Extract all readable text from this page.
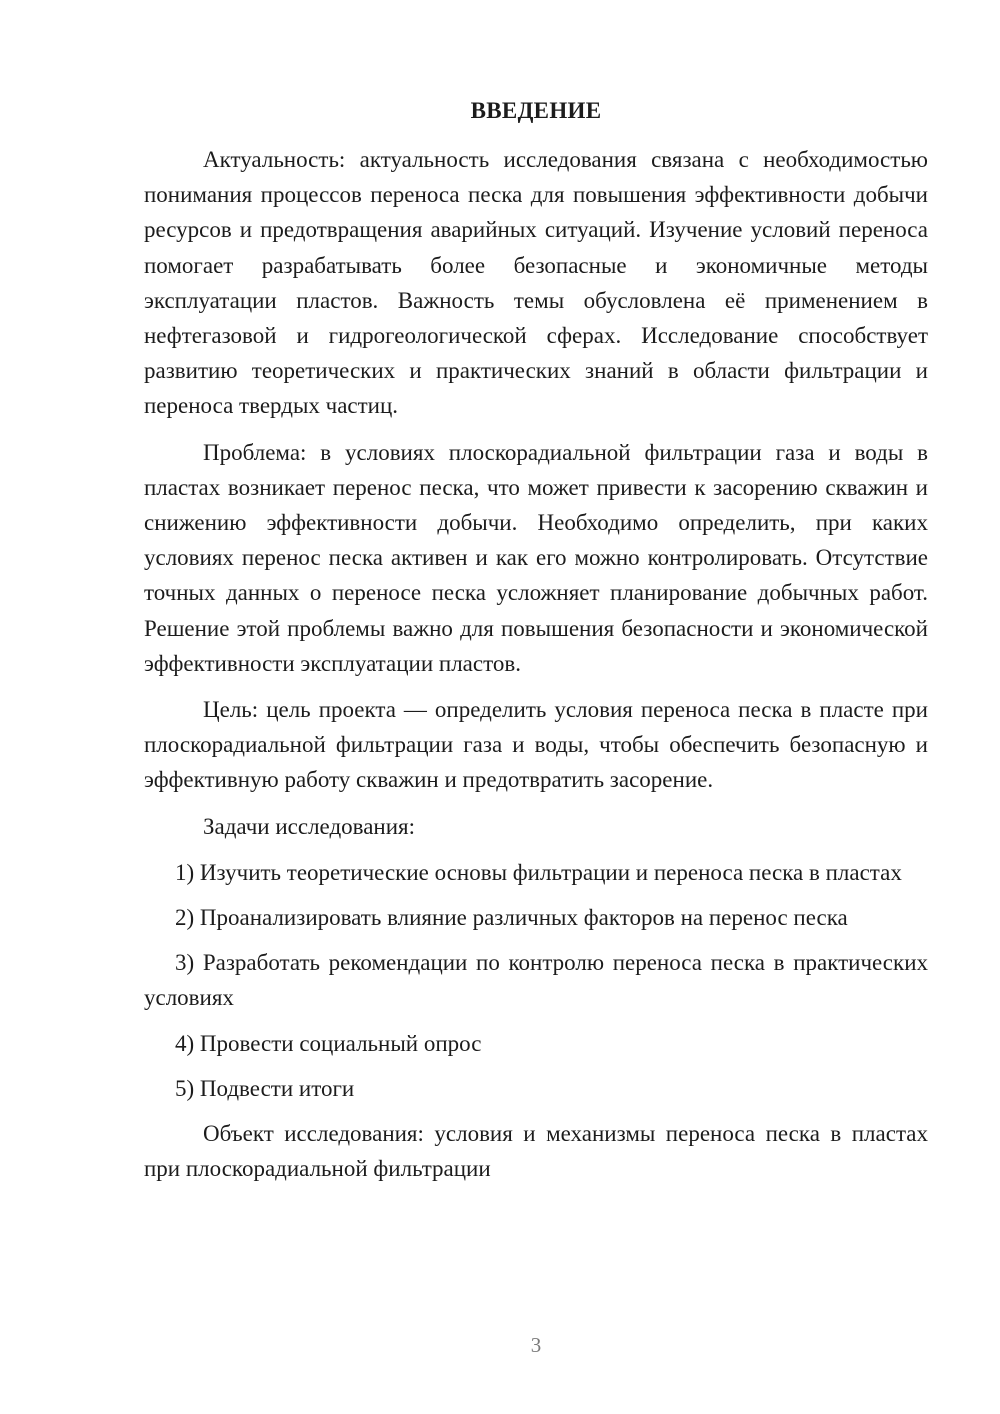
ВВЕДЕНИЕ

Актуальность: актуальность исследования связана с необходимостью понимания процессов переноса песка для повышения эффективности добычи ресурсов и предотвращения аварийных ситуаций. Изучение условий переноса помогает разрабатывать более безопасные и экономичные методы эксплуатации пластов. Важность темы обусловлена её применением в нефтегазовой и гидрогеологической сферах. Исследование способствует развитию теоретических и практических знаний в области фильтрации и переноса твердых частиц.

Проблема: в условиях плоскорадиальной фильтрации газа и воды в пластах возникает перенос песка, что может привести к засорению скважин и снижению эффективности добычи. Необходимо определить, при каких условиях перенос песка активен и как его можно контролировать. Отсутствие точных данных о переносе песка усложняет планирование добычных работ. Решение этой проблемы важно для повышения безопасности и экономической эффективности эксплуатации пластов.

Цель: цель проекта — определить условия переноса песка в пласте при плоскорадиальной фильтрации газа и воды, чтобы обеспечить безопасную и эффективную работу скважин и предотвратить засорение.

Задачи исследования:

1) Изучить теоретические основы фильтрации и переноса песка в пластах

2) Проанализировать влияние различных факторов на перенос песка

3) Разработать рекомендации по контролю переноса песка в практических условиях

4) Провести социальный опрос

5) Подвести итоги

Объект исследования: условия и механизмы переноса песка в пластах при плоскорадиальной фильтрации

3
